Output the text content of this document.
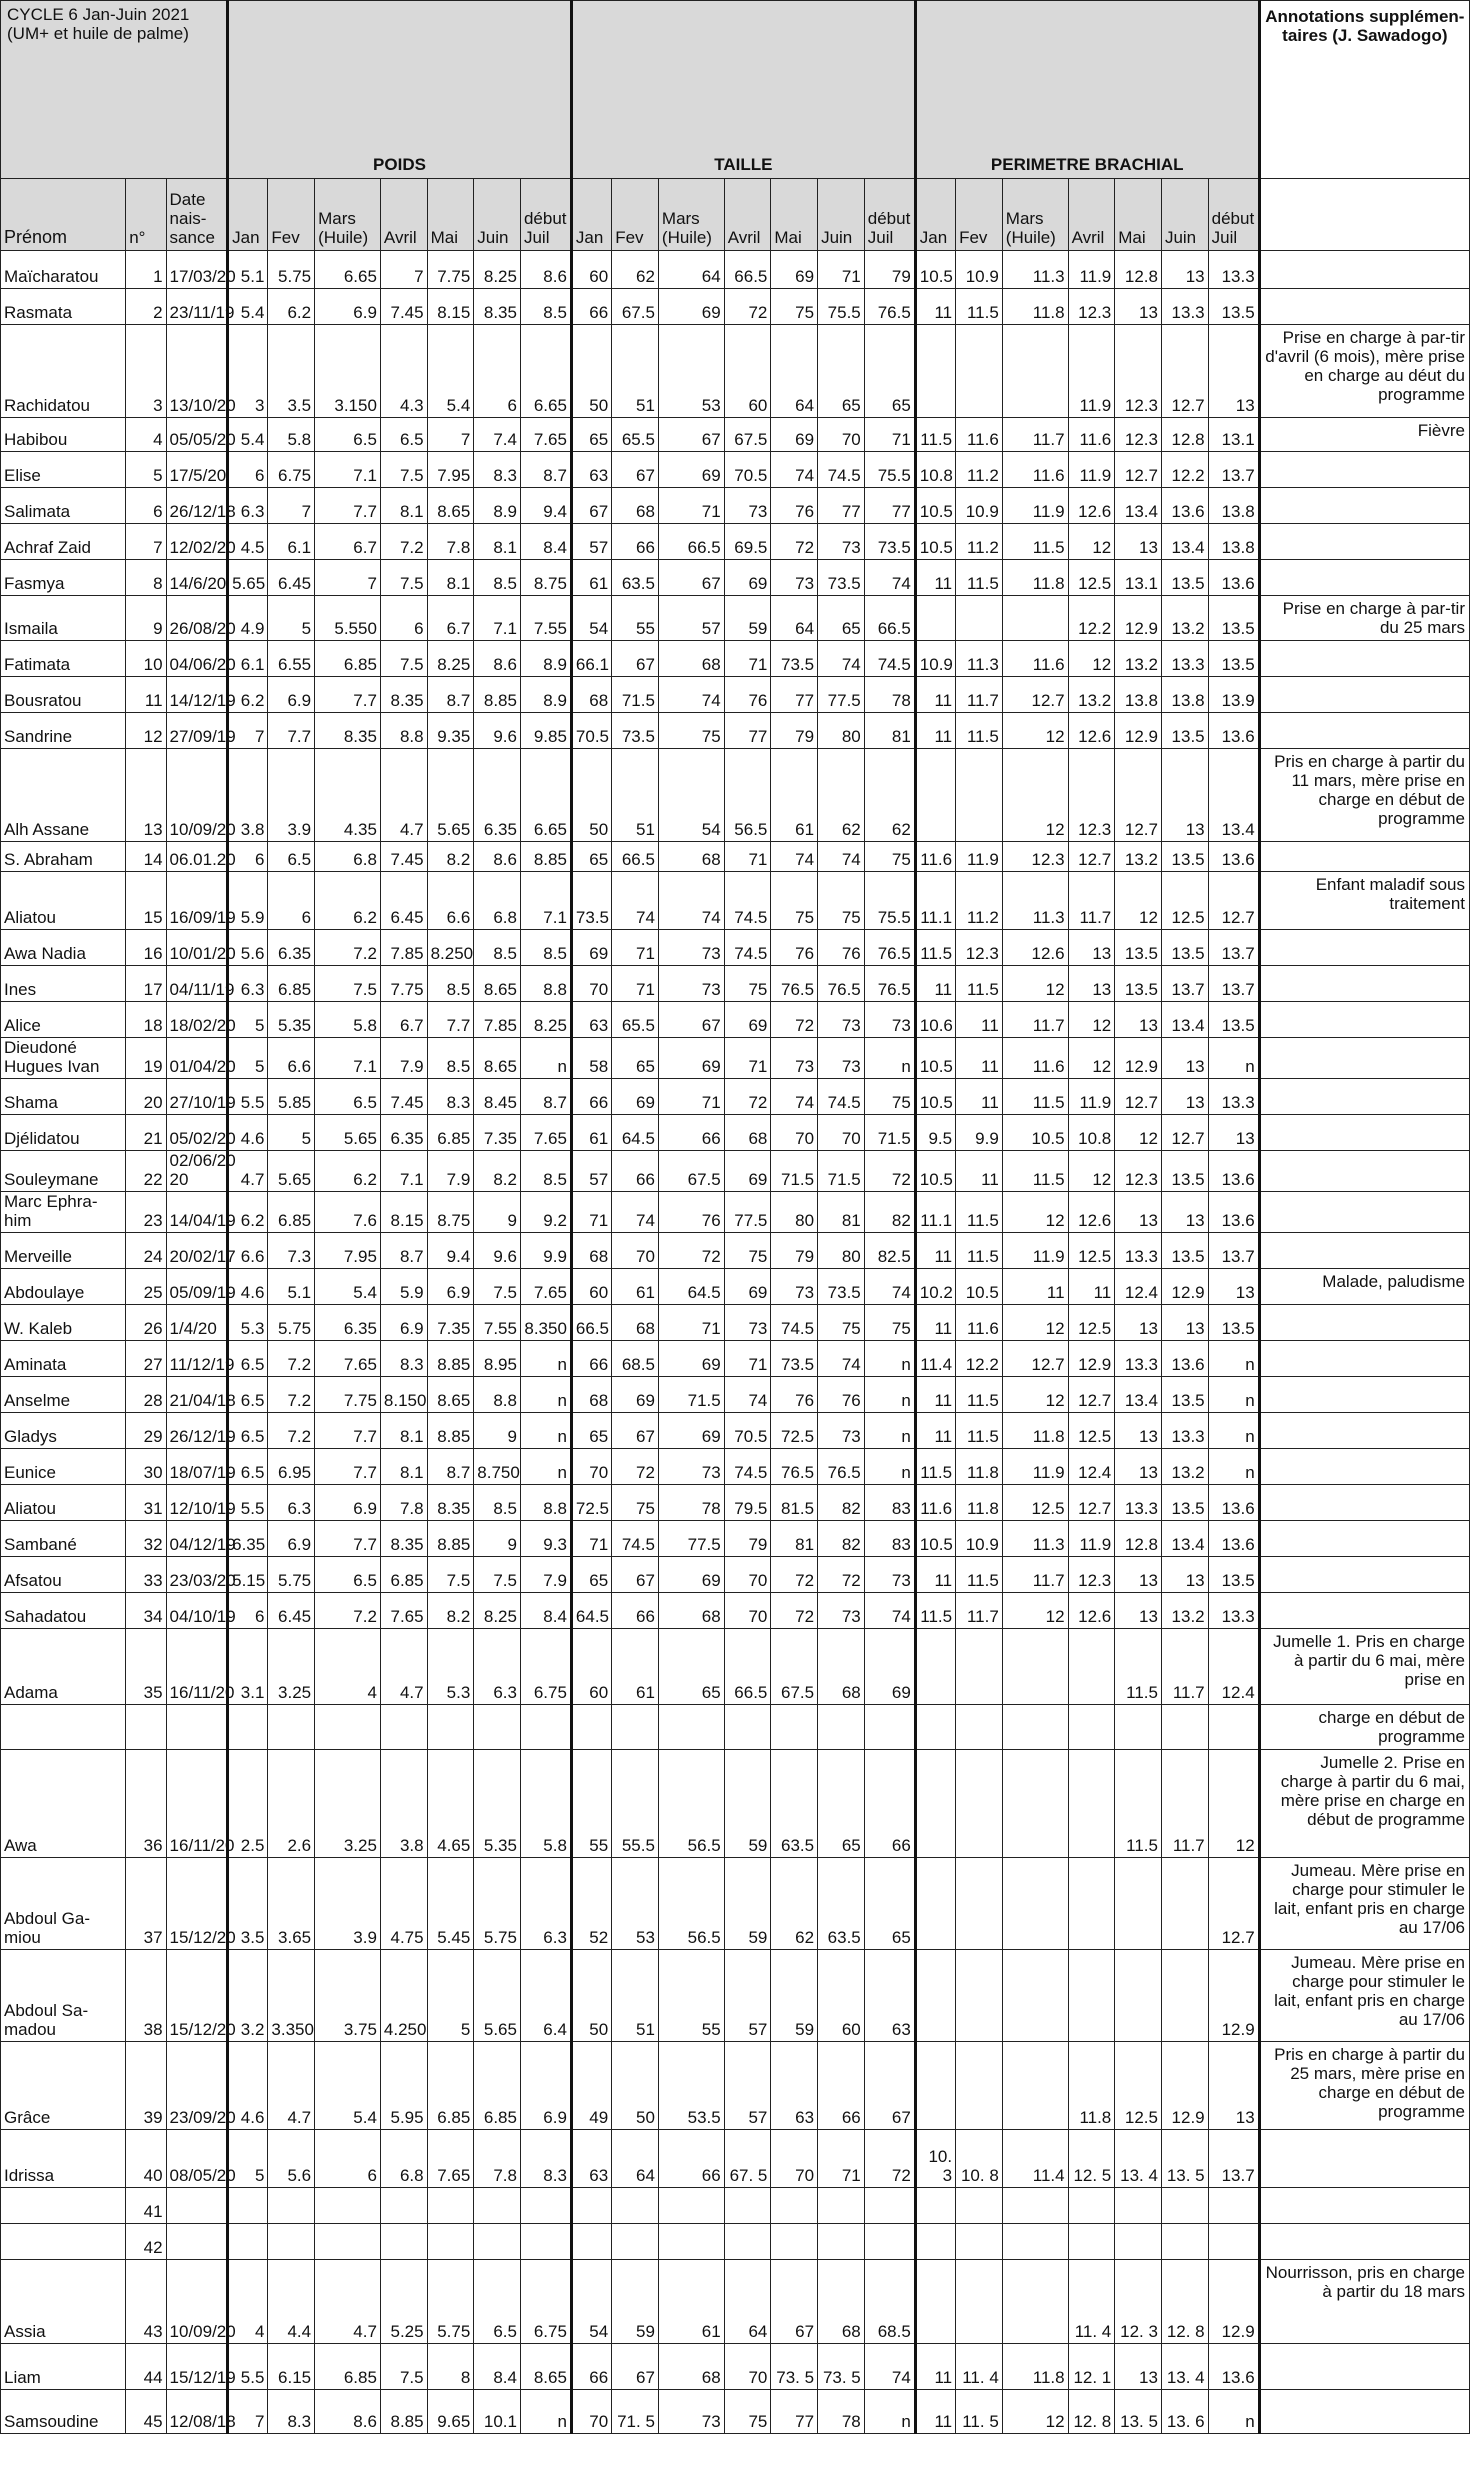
CYCLE 6 Jan-Juin 2021 (UM+ et huile de palme)			POIDS							TAILLE							PERIMETRE BRACHIAL							Annotations supplémen-taires (J. Sawadogo)
Prénom	n°	Date nais-sance	Jan	Fev	Mars (Huile)	Avril	Mai	Juin	début Juil	Jan	Fev	Mars (Huile)	Avril	Mai	Juin	début Juil	Jan	Fev	Mars (Huile)	Avril	Mai	Juin	début Juil	
Maïcharatou	1	17/03/20	5.1	5.75	6.65	7	7.75	8.25	8.6	60	62	64	66.5	69	71	79	10.5	10.9	11.3	11.9	12.8	13	13.3	
Rasmata	2	23/11/19	5.4	6.2	6.9	7.45	8.15	8.35	8.5	66	67.5	69	72	75	75.5	76.5	11	11.5	11.8	12.3	13	13.3	13.5	
Rachidatou	3	13/10/20	3	3.5	3.150	4.3	5.4	6	6.65	50	51	53	60	64	65	65				11.9	12.3	12.7	13	Prise en charge à par-tir d'avril (6 mois), mère prise en charge au déut du programme
Habibou	4	05/05/20	5.4	5.8	6.5	6.5	7	7.4	7.65	65	65.5	67	67.5	69	70	71	11.5	11.6	11.7	11.6	12.3	12.8	13.1	Fièvre
Elise	5	17/5/20	6	6.75	7.1	7.5	7.95	8.3	8.7	63	67	69	70.5	74	74.5	75.5	10.8	11.2	11.6	11.9	12.7	12.2	13.7	
Salimata	6	26/12/18	6.3	7	7.7	8.1	8.65	8.9	9.4	67	68	71	73	76	77	77	10.5	10.9	11.9	12.6	13.4	13.6	13.8	
Achraf Zaid	7	12/02/20	4.5	6.1	6.7	7.2	7.8	8.1	8.4	57	66	66.5	69.5	72	73	73.5	10.5	11.2	11.5	12	13	13.4	13.8	
Fasmya	8	14/6/20	5.65	6.45	7	7.5	8.1	8.5	8.75	61	63.5	67	69	73	73.5	74	11	11.5	11.8	12.5	13.1	13.5	13.6	
Ismaila	9	26/08/20	4.9	5	5.550	6	6.7	7.1	7.55	54	55	57	59	64	65	66.5				12.2	12.9	13.2	13.5	Prise en charge à par-tir du 25 mars
Fatimata	10	04/06/20	6.1	6.55	6.85	7.5	8.25	8.6	8.9	66.1	67	68	71	73.5	74	74.5	10.9	11.3	11.6	12	13.2	13.3	13.5	
Bousratou	11	14/12/19	6.2	6.9	7.7	8.35	8.7	8.85	8.9	68	71.5	74	76	77	77.5	78	11	11.7	12.7	13.2	13.8	13.8	13.9	
Sandrine	12	27/09/19	7	7.7	8.35	8.8	9.35	9.6	9.85	70.5	73.5	75	77	79	80	81	11	11.5	12	12.6	12.9	13.5	13.6	
Alh Assane	13	10/09/20	3.8	3.9	4.35	4.7	5.65	6.35	6.65	50	51	54	56.5	61	62	62			12	12.3	12.7	13	13.4	Pris en charge à partir du 11 mars, mère prise en charge en début de programme
S. Abraham	14	06.01.20	6	6.5	6.8	7.45	8.2	8.6	8.85	65	66.5	68	71	74	74	75	11.6	11.9	12.3	12.7	13.2	13.5	13.6	
Aliatou	15	16/09/19	5.9	6	6.2	6.45	6.6	6.8	7.1	73.5	74	74	74.5	75	75	75.5	11.1	11.2	11.3	11.7	12	12.5	12.7	Enfant maladif sous traitement
Awa Nadia	16	10/01/20	5.6	6.35	7.2	7.85	8.250	8.5	8.5	69	71	73	74.5	76	76	76.5	11.5	12.3	12.6	13	13.5	13.5	13.7	
Ines	17	04/11/19	6.3	6.85	7.5	7.75	8.5	8.65	8.8	70	71	73	75	76.5	76.5	76.5	11	11.5	12	13	13.5	13.7	13.7	
Alice	18	18/02/20	5	5.35	5.8	6.7	7.7	7.85	8.25	63	65.5	67	69	72	73	73	10.6	11	11.7	12	13	13.4	13.5	
Dieudoné Hugues Ivan	19	01/04/20	5	6.6	7.1	7.9	8.5	8.65	n	58	65	69	71	73	73	n	10.5	11	11.6	12	12.9	13	n	
Shama	20	27/10/19	5.5	5.85	6.5	7.45	8.3	8.45	8.7	66	69	71	72	74	74.5	75	10.5	11	11.5	11.9	12.7	13	13.3	
Djélidatou	21	05/02/20	4.6	5	5.65	6.35	6.85	7.35	7.65	61	64.5	66	68	70	70	71.5	9.5	9.9	10.5	10.8	12	12.7	13	
Souleymane	22	02/06/20 20	4.7	5.65	6.2	7.1	7.9	8.2	8.5	57	66	67.5	69	71.5	71.5	72	10.5	11	11.5	12	12.3	13.5	13.6	
Marc Ephra-him	23	14/04/19	6.2	6.85	7.6	8.15	8.75	9	9.2	71	74	76	77.5	80	81	82	11.1	11.5	12	12.6	13	13	13.6	
Merveille	24	20/02/17	6.6	7.3	7.95	8.7	9.4	9.6	9.9	68	70	72	75	79	80	82.5	11	11.5	11.9	12.5	13.3	13.5	13.7	
Abdoulaye	25	05/09/19	4.6	5.1	5.4	5.9	6.9	7.5	7.65	60	61	64.5	69	73	73.5	74	10.2	10.5	11	11	12.4	12.9	13	Malade, paludisme
W. Kaleb	26	1/4/20	5.3	5.75	6.35	6.9	7.35	7.55	8.350	66.5	68	71	73	74.5	75	75	11	11.6	12	12.5	13	13	13.5	
Aminata	27	11/12/19	6.5	7.2	7.65	8.3	8.85	8.95	n	66	68.5	69	71	73.5	74	n	11.4	12.2	12.7	12.9	13.3	13.6	n	
Anselme	28	21/04/18	6.5	7.2	7.75	8.150	8.65	8.8	n	68	69	71.5	74	76	76	n	11	11.5	12	12.7	13.4	13.5	n	
Gladys	29	26/12/19	6.5	7.2	7.7	8.1	8.85	9	n	65	67	69	70.5	72.5	73	n	11	11.5	11.8	12.5	13	13.3	n	
Eunice	30	18/07/19	6.5	6.95	7.7	8.1	8.7	8.750	n	70	72	73	74.5	76.5	76.5	n	11.5	11.8	11.9	12.4	13	13.2	n	
Aliatou	31	12/10/19	5.5	6.3	6.9	7.8	8.35	8.5	8.8	72.5	75	78	79.5	81.5	82	83	11.6	11.8	12.5	12.7	13.3	13.5	13.6	
Sambané	32	04/12/19	6.35	6.9	7.7	8.35	8.85	9	9.3	71	74.5	77.5	79	81	82	83	10.5	10.9	11.3	11.9	12.8	13.4	13.6	
Afsatou	33	23/03/20	5.15	5.75	6.5	6.85	7.5	7.5	7.9	65	67	69	70	72	72	73	11	11.5	11.7	12.3	13	13	13.5	
Sahadatou	34	04/10/19	6	6.45	7.2	7.65	8.2	8.25	8.4	64.5	66	68	70	72	73	74	11.5	11.7	12	12.6	13	13.2	13.3	
Adama	35	16/11/20	3.1	3.25	4	4.7	5.3	6.3	6.75	60	61	65	66.5	67.5	68	69					11.5	11.7	12.4	Jumelle 1. Pris en charge à partir du 6 mai, mère prise en
																								charge en début de programme
Awa	36	16/11/20	2.5	2.6	3.25	3.8	4.65	5.35	5.8	55	55.5	56.5	59	63.5	65	66					11.5	11.7	12	Jumelle 2. Prise en charge à partir du 6 mai, mère prise en charge en début de programme
Abdoul Ga-miou	37	15/12/20	3.5	3.65	3.9	4.75	5.45	5.75	6.3	52	53	56.5	59	62	63.5	65							12.7	Jumeau. Mère prise en charge pour stimuler le lait, enfant pris en charge au 17/06
Abdoul Sa-madou	38	15/12/20	3.2	3.350	3.75	4.250	5	5.65	6.4	50	51	55	57	59	60	63							12.9	Jumeau. Mère prise en charge pour stimuler le lait, enfant pris en charge au 17/06
Grâce	39	23/09/20	4.6	4.7	5.4	5.95	6.85	6.85	6.9	49	50	53.5	57	63	66	67				11.8	12.5	12.9	13	Pris en charge à partir du 25 mars, mère prise en charge en début de programme
Idrissa	40	08/05/20	5	5.6	6	6.8	7.65	7.8	8.3	63	64	66	67. 5	70	71	72	10. 3	10. 8	11.4	12. 5	13. 4	13. 5	13.7	
	41																							
	42																							
Assia	43	10/09/20	4	4.4	4.7	5.25	5.75	6.5	6.75	54	59	61	64	67	68	68.5				11. 4	12. 3	12. 8	12.9	Nourrisson, pris en charge à partir du 18 mars
Liam	44	15/12/19	5.5	6.15	6.85	7.5	8	8.4	8.65	66	67	68	70	73. 5	73. 5	74	11	11. 4	11.8	12. 1	13	13. 4	13.6	
Samsoudine	45	12/08/18	7	8.3	8.6	8.85	9.65	10.1	n	70	71. 5	73	75	77	78	n	11	11. 5	12	12. 8	13. 5	13. 6	n	
